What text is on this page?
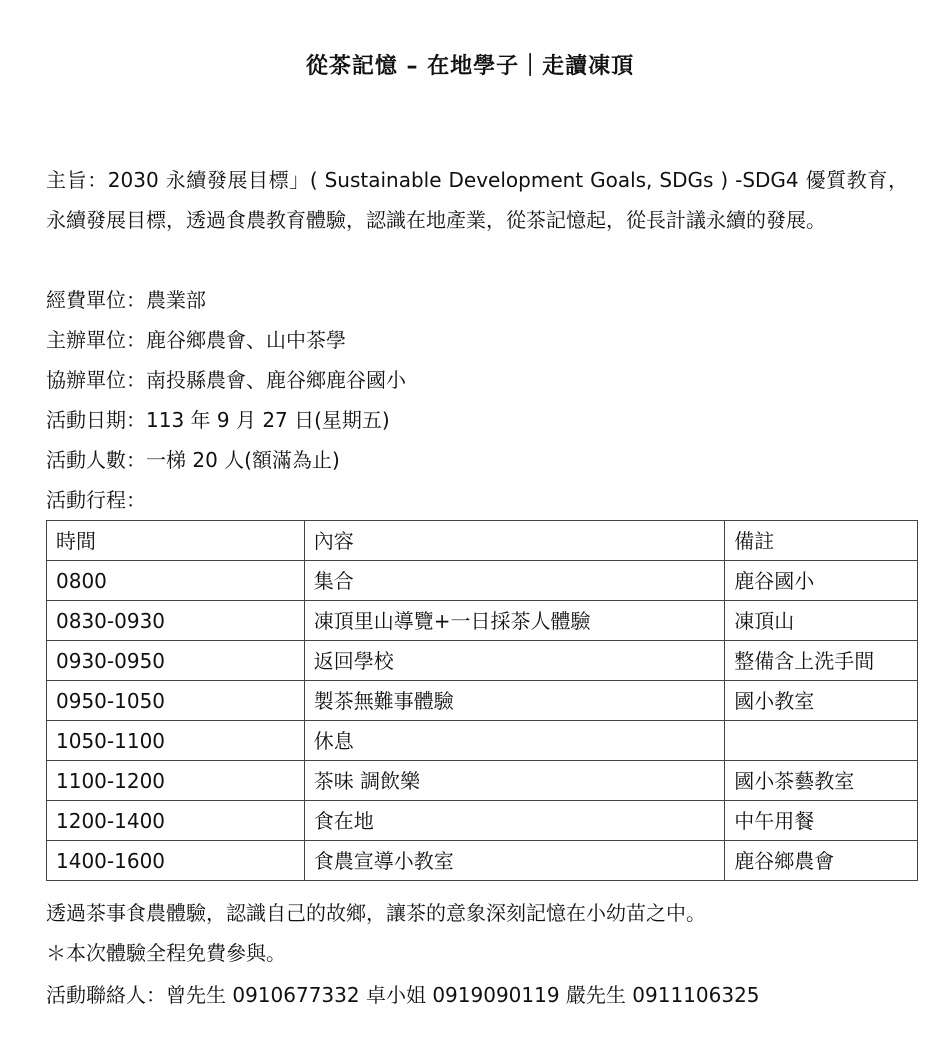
從茶記憶 – 在地學子｜走讀凍頂
主旨：2030 永續發展目標」( Sustainable Development Goals, SDGs ) -SDG4 優質教育，永續發展目標，透過食農教育體驗，認識在地產業，從茶記憶起，從長計議永續的發展。
經費單位：農業部
主辦單位：鹿谷鄉農會、山中茶學
協辦單位：南投縣農會、鹿谷鄉鹿谷國小
活動日期：113 年 9 月 27 日(星期五)
活動人數：一梯 20 人(額滿為止)
活動行程：
時間	內容	備註
0800	集合	鹿谷國小
0830-0930	凍頂里山導覽+一日採茶人體驗	凍頂山
0930-0950	返回學校	整備含上洗手間
0950-1050	製茶無難事體驗	國小教室
1050-1100	休息	
1100-1200	茶味 調飲樂	國小茶藝教室
1200-1400	食在地	中午用餐
1400-1600	食農宣導小教室	鹿谷鄉農會
透過茶事食農體驗，認識自己的故鄉，讓茶的意象深刻記憶在小幼苗之中。
＊本次體驗全程免費參與。
活動聯絡人：曾先生 0910677332 卓小姐 0919090119 嚴先生 0911106325
